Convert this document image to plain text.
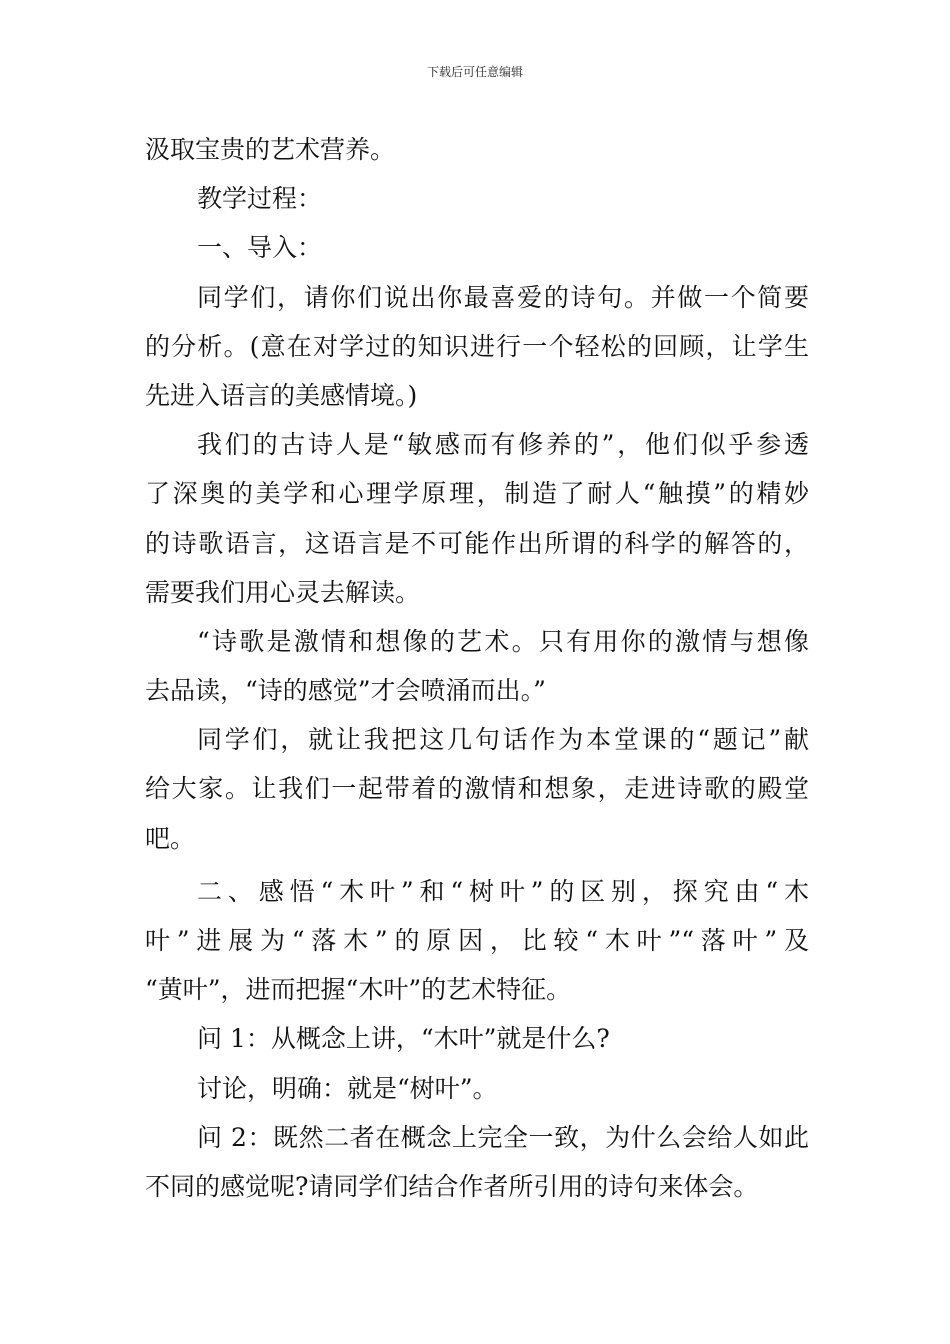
下载后可任意编辑
汲取宝贵的艺术营养。
教学过程：
一、导入：
同学们，请你们说出你最喜爱的诗句。并做一个简要
的分析。(意在对学过的知识进行一个轻松的回顾，让学生
先进入语言的美感情境。)
我们的古诗人是“敏感而有修养的”，他们似乎参透
了深奥的美学和心理学原理，制造了耐人“触摸”的精妙
的诗歌语言，这语言是不可能作出所谓的科学的解答的，
需要我们用心灵去解读。
“诗歌是激情和想像的艺术。只有用你的激情与想像
去品读，“诗的感觉”才会喷涌而出。”
同学们，就让我把这几句话作为本堂课的“题记”献
给大家。让我们一起带着的激情和想象，走进诗歌的殿堂
吧。
二、感悟“木叶”和“树叶”的区别，探究由“木
叶”进展为“落木”的原因，比较“木叶”“落叶”及
“黄叶”，进而把握“木叶”的艺术特征。
问 1：从概念上讲，“木叶”就是什么?
讨论，明确：就是“树叶”。
问 2：既然二者在概念上完全一致，为什么会给人如此
不同的感觉呢?请同学们结合作者所引用的诗句来体会。
